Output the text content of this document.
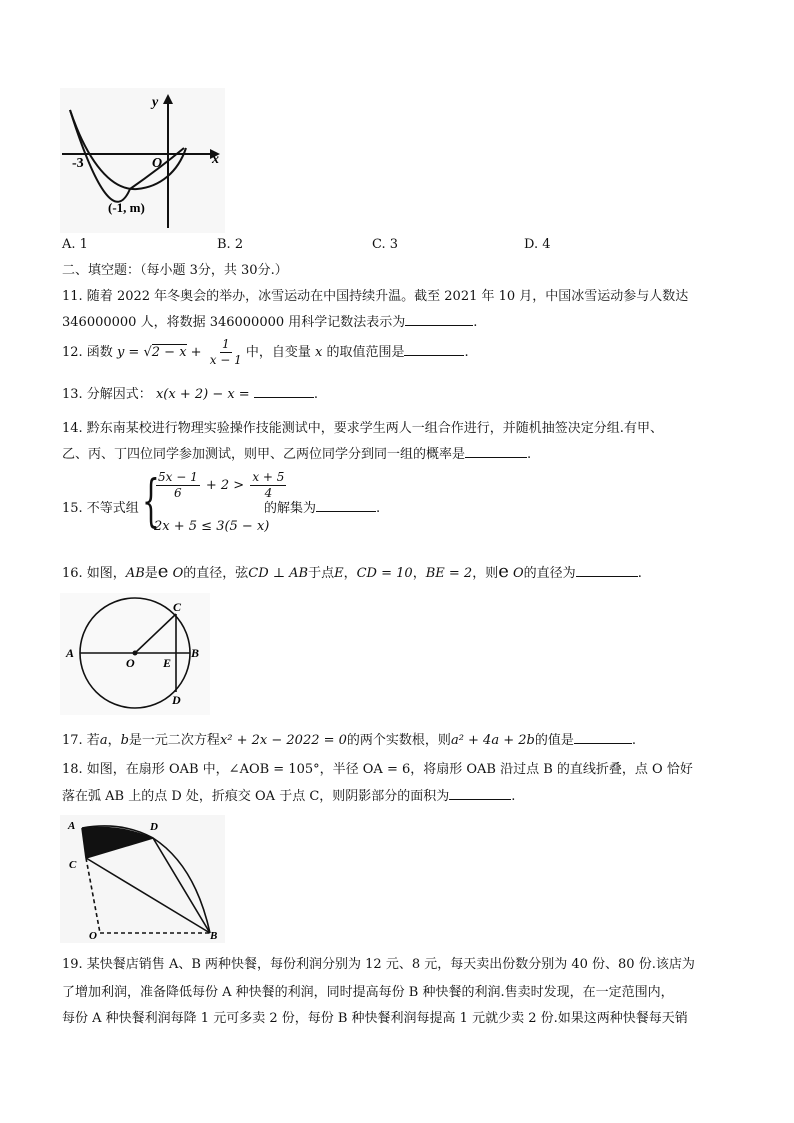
y
x
-3	O
(-1, m)
A. 1	B. 2	C. 3	D. 4
二、填空题：（每小题 3分，共 30分.）
11. 随着 2022 年冬奥会的举办，冰雪运动在中国持续升温。截至 2021 年 10 月，中国冰雪运动参与人数达
346000000 人，将数据 346000000 用科学记数法表示为	.
12. 函数 $y = √2 - x + \frac{1}{x - 1}$ 中，自变量 x 的取值范围是	.
13. 分解因式： x(x + 2) − x =	.
14. 黔东南某校进行物理实验操作技能测试中，要求学生两人一组合作进行，并随机抽签决定分组.有甲、
乙、丙、丁四位同学参加测试，则甲、乙两位同学分到同一组的概率是	.
15. 不等式组 {
$\frac{5x - 1}{6} + 2 > \frac{x + 5}{4}$
2x + 5 ≤ 3(5 − x)
的解集为	.
16. 如图，AB是e O的直径，弦CD ⊥ AB于点E，CD = 10，BE = 2，则e O的直径为	.
A	B
C
D
O E
17. 若a，b是一元二次方程x² + 2x − 2022 = 0的两个实数根，则a² + 4a + 2b的值是	.
18. 如图，在扇形 OAB 中，∠AOB = 105°，半径 OA = 6，将扇形 OAB 沿过点 B 的直线折叠，点 O 恰好
落在弧 AB 上的点 D 处，折痕交 OA 于点 C，则阴影部分的面积为	.
A	D
C
O	B
19. 某快餐店销售 A、B 两种快餐，每份利润分别为 12 元、8 元，每天卖出份数分别为 40 份、80 份.该店为
了增加利润，准备降低每份 A 种快餐的利润，同时提高每份 B 种快餐的利润.售卖时发现，在一定范围内，
每份 A 种快餐利润每降 1 元可多卖 2 份，每份 B 种快餐利润每提高 1 元就少卖 2 份.如果这两种快餐每天销
